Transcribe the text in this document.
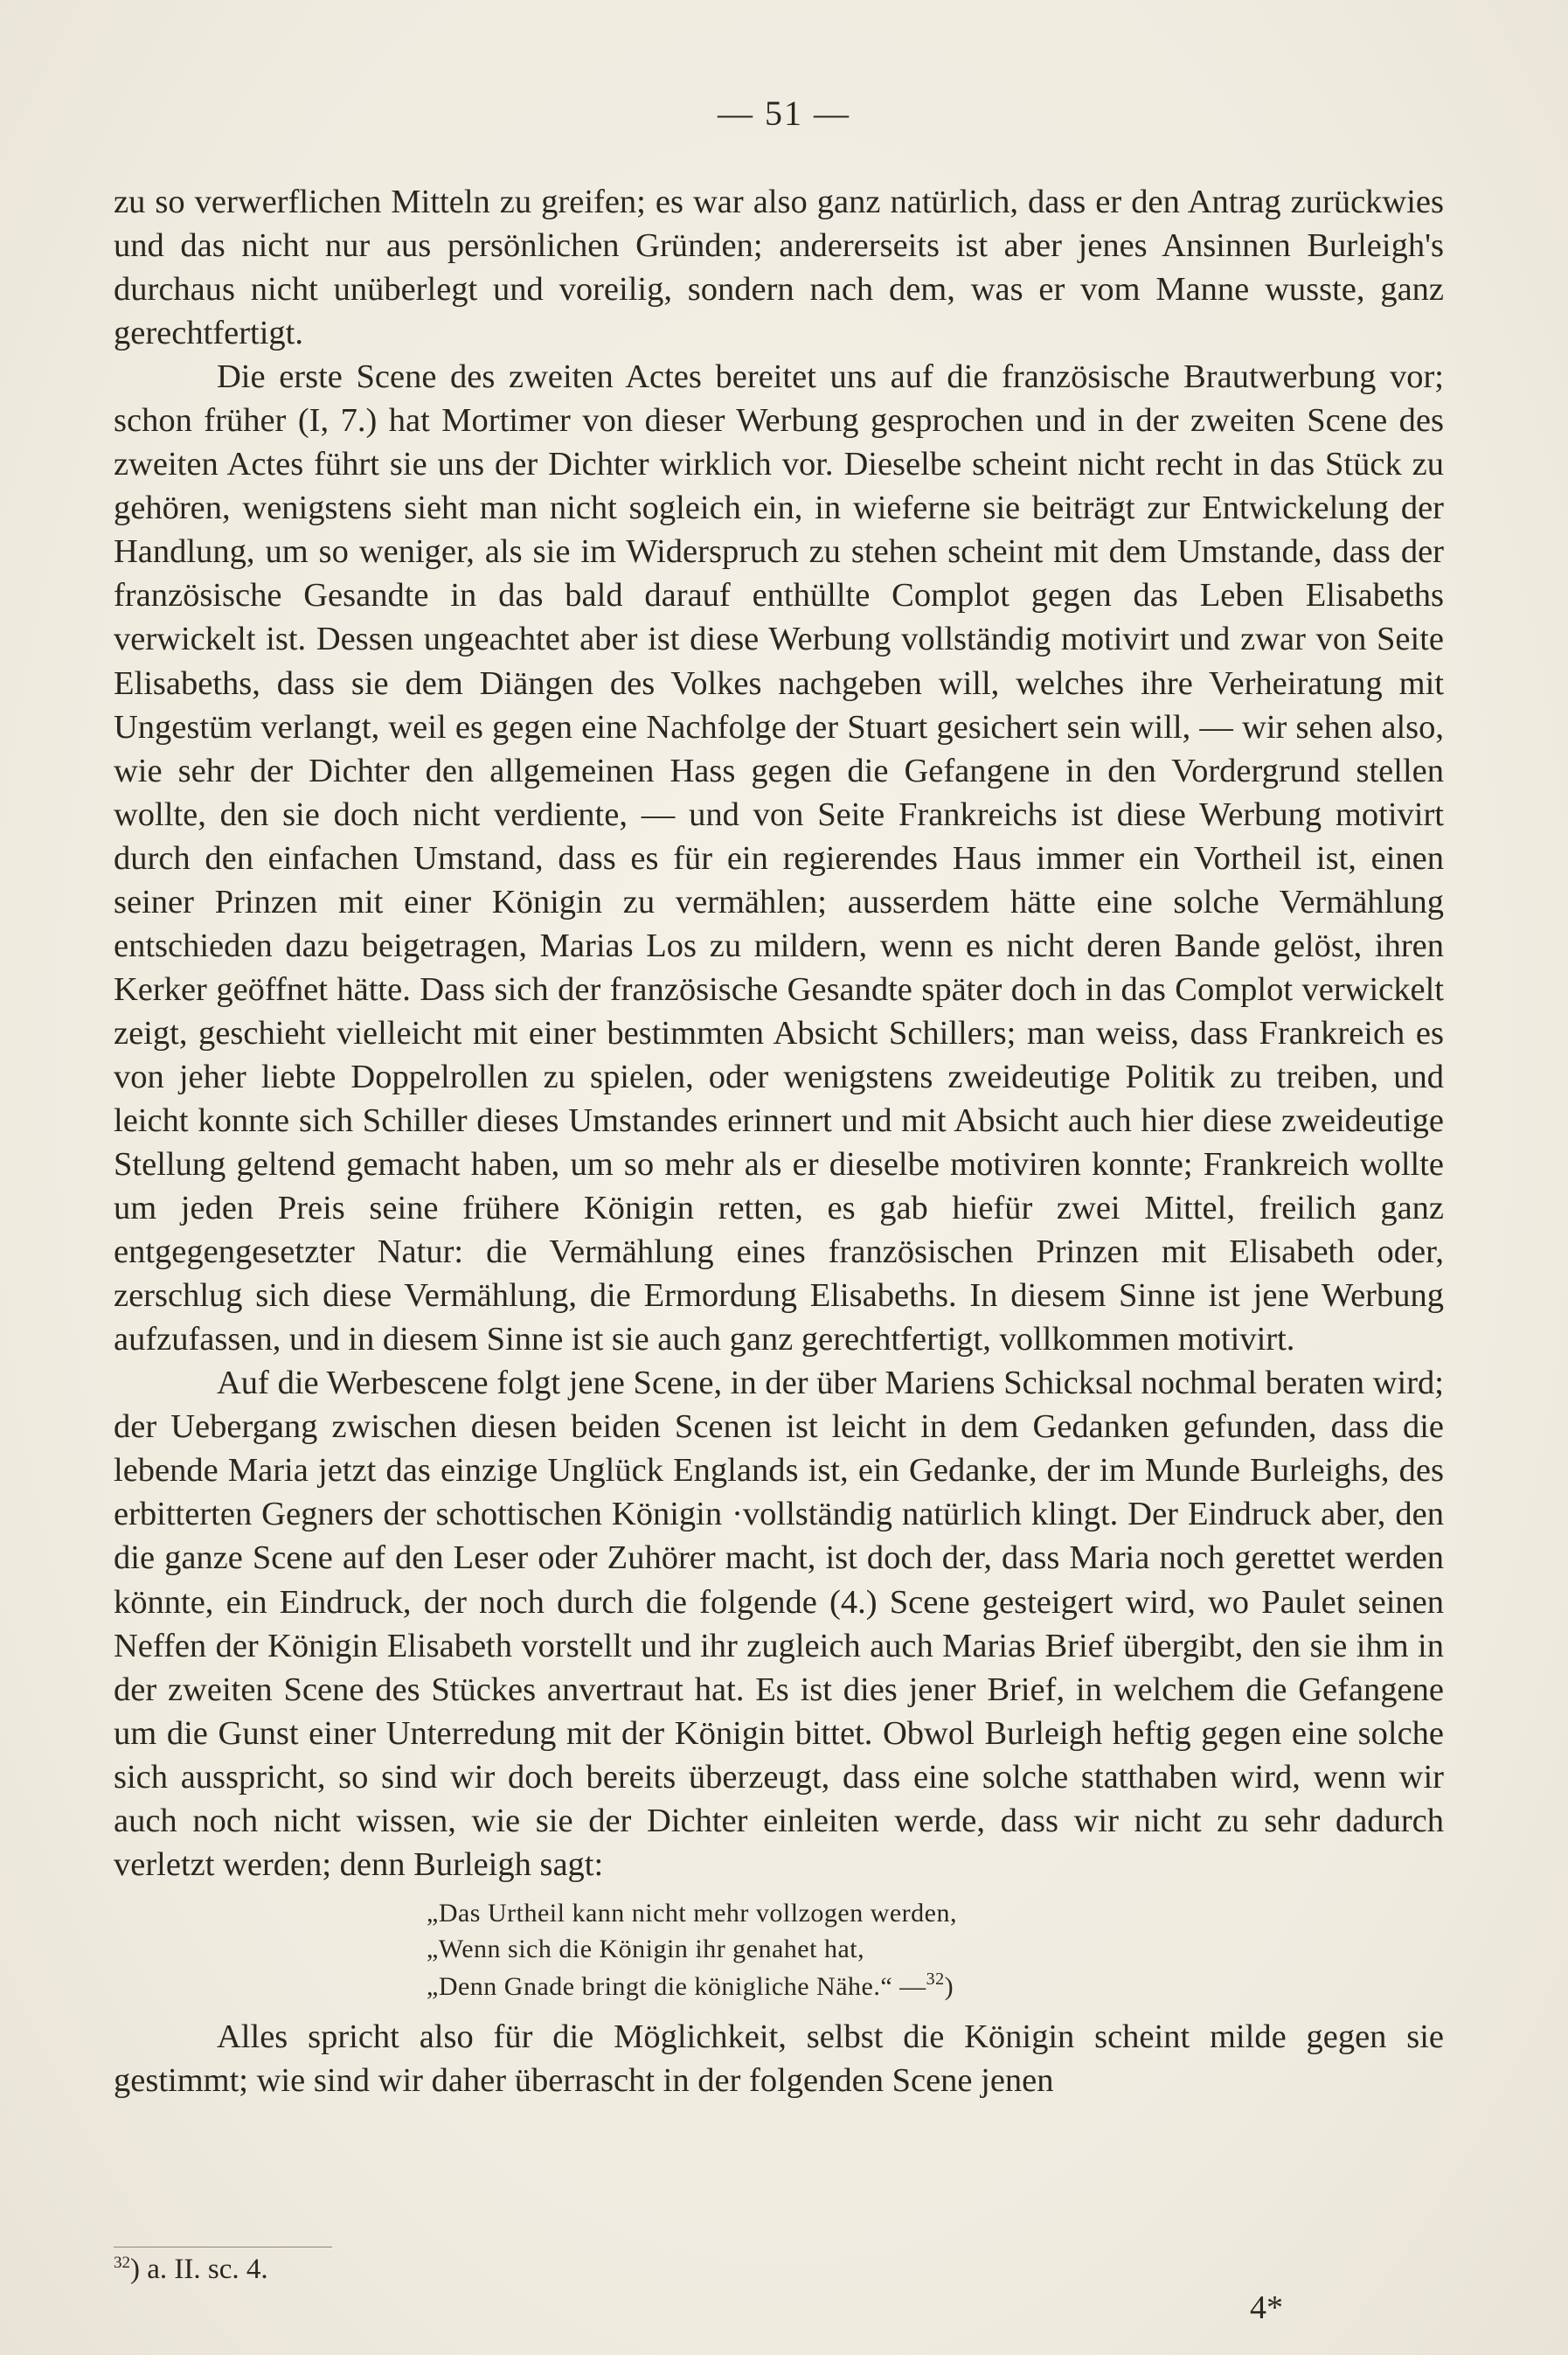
— 51 —

zu so verwerflichen Mitteln zu greifen; es war also ganz natürlich, dass er den Antrag zurückwies und das nicht nur aus persönlichen Gründen; andererseits ist aber jenes Ansinnen Burleigh's durchaus nicht unüberlegt und voreilig, sondern nach dem, was er vom Manne wusste, ganz gerechtfertigt.

Die erste Scene des zweiten Actes bereitet uns auf die französische Brautwerbung vor; schon früher (I, 7.) hat Mortimer von dieser Werbung gesprochen und in der zweiten Scene des zweiten Actes führt sie uns der Dichter wirklich vor. Dieselbe scheint nicht recht in das Stück zu gehören, wenigstens sieht man nicht sogleich ein, in wieferne sie beiträgt zur Entwickelung der Handlung, um so weniger, als sie im Widerspruch zu stehen scheint mit dem Umstande, dass der französische Gesandte in das bald darauf enthüllte Complot gegen das Leben Elisabeths verwickelt ist. Dessen ungeachtet aber ist diese Werbung vollständig motivirt und zwar von Seite Elisabeths, dass sie dem Diängen des Volkes nachgeben will, welches ihre Verheiratung mit Ungestüm verlangt, weil es gegen eine Nachfolge der Stuart gesichert sein will, — wir sehen also, wie sehr der Dichter den allgemeinen Hass gegen die Gefangene in den Vordergrund stellen wollte, den sie doch nicht verdiente, — und von Seite Frankreichs ist diese Werbung motivirt durch den einfachen Umstand, dass es für ein regierendes Haus immer ein Vortheil ist, einen seiner Prinzen mit einer Königin zu vermählen; ausserdem hätte eine solche Vermählung entschieden dazu beigetragen, Marias Los zu mildern, wenn es nicht deren Bande gelöst, ihren Kerker geöffnet hätte. Dass sich der französische Gesandte später doch in das Complot verwickelt zeigt, geschieht vielleicht mit einer bestimmten Absicht Schillers; man weiss, dass Frankreich es von jeher liebte Doppelrollen zu spielen, oder wenigstens zweideutige Politik zu treiben, und leicht konnte sich Schiller dieses Umstandes erinnert und mit Absicht auch hier diese zweideutige Stellung geltend gemacht haben, um so mehr als er dieselbe motiviren konnte; Frankreich wollte um jeden Preis seine frühere Königin retten, es gab hiefür zwei Mittel, freilich ganz entgegengesetzter Natur: die Vermählung eines französischen Prinzen mit Elisabeth oder, zerschlug sich diese Vermählung, die Ermordung Elisabeths. In diesem Sinne ist jene Werbung aufzufassen, und in diesem Sinne ist sie auch ganz gerechtfertigt, vollkommen motivirt.

Auf die Werbescene folgt jene Scene, in der über Mariens Schicksal nochmal beraten wird; der Uebergang zwischen diesen beiden Scenen ist leicht in dem Gedanken gefunden, dass die lebende Maria jetzt das einzige Unglück Englands ist, ein Gedanke, der im Munde Burleighs, des erbitterten Gegners der schottischen Königin ·vollständig natürlich klingt. Der Eindruck aber, den die ganze Scene auf den Leser oder Zuhörer macht, ist doch der, dass Maria noch gerettet werden könnte, ein Eindruck, der noch durch die folgende (4.) Scene gesteigert wird, wo Paulet seinen Neffen der Königin Elisabeth vorstellt und ihr zugleich auch Marias Brief übergibt, den sie ihm in der zweiten Scene des Stückes anvertraut hat. Es ist dies jener Brief, in welchem die Gefangene um die Gunst einer Unterredung mit der Königin bittet. Obwol Burleigh heftig gegen eine solche sich ausspricht, so sind wir doch bereits überzeugt, dass eine solche statthaben wird, wenn wir auch noch nicht wissen, wie sie der Dichter einleiten werde, dass wir nicht zu sehr dadurch verletzt werden; denn Burleigh sagt:

„Das Urtheil kann nicht mehr vollzogen werden,
„Wenn sich die Königin ihr genahet hat,
„Denn Gnade bringt die königliche Nähe.“ —$^{32}$)

Alles spricht also für die Möglichkeit, selbst die Königin scheint milde gegen sie gestimmt; wie sind wir daher überrascht in der folgenden Scene jenen

$^{32}$) a. II. sc. 4.
4*
